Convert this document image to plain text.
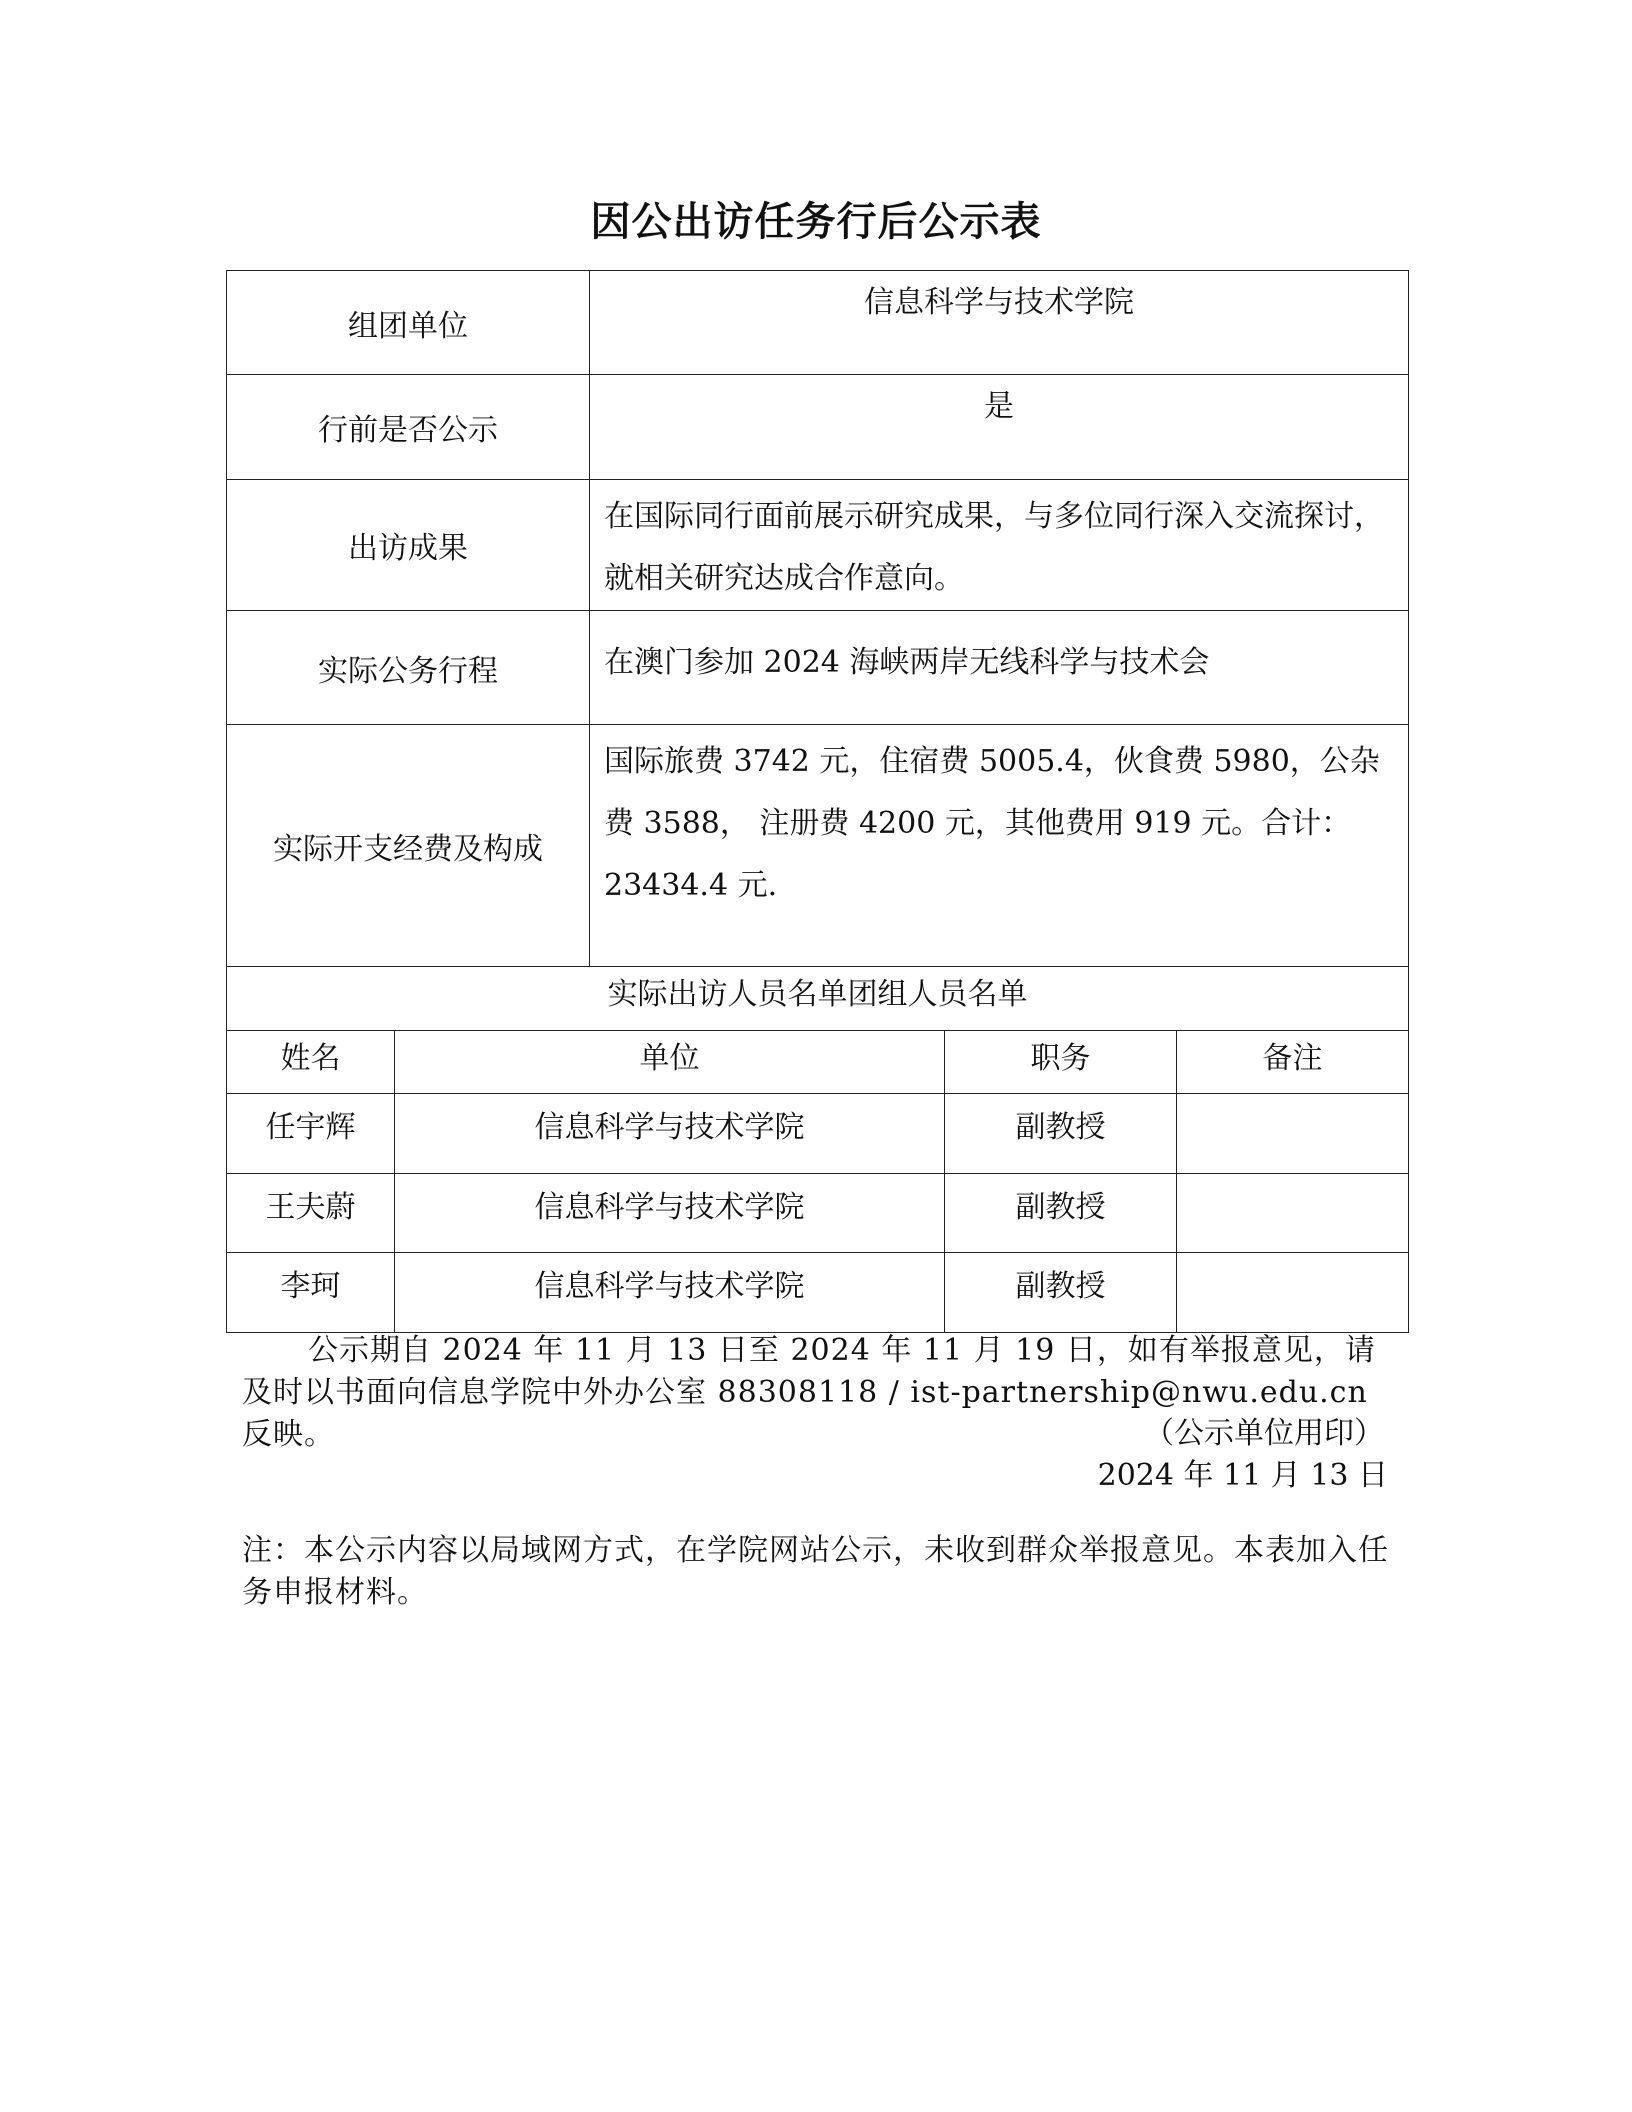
因公出访任务行后公示表
组团单位		信息科学与技术学院		
行前是否公示		是		
出访成果		在国际同行面前展示研究成果，与多位同行深入交流探讨，就相关研究达成合作意向。		
实际公务行程		在澳门参加 2024 海峡两岸无线科学与技术会		
实际开支经费及构成		国际旅费 3742 元，住宿费 5005.4，伙食费 5980，公杂费 3588， 注册费 4200 元，其他费用 919 元。合计：23434.4 元.		
实际出访人员名单团组人员名单				
姓名	单位		职务	备注
任宇辉	信息科学与技术学院		副教授	
王夫蔚	信息科学与技术学院		副教授	
李珂	信息科学与技术学院		副教授	
公示期自 2024 年 11 月 13 日至 2024 年 11 月 19 日，如有举报意见，请及时以书面向信息学院中外办公室 88308118 / ist-partnership@nwu.edu.cn 反映。	（公示单位用印）
2024 年 11 月 13 日
注：本公示内容以局域网方式，在学院网站公示，未收到群众举报意见。本表加入任务申报材料。
